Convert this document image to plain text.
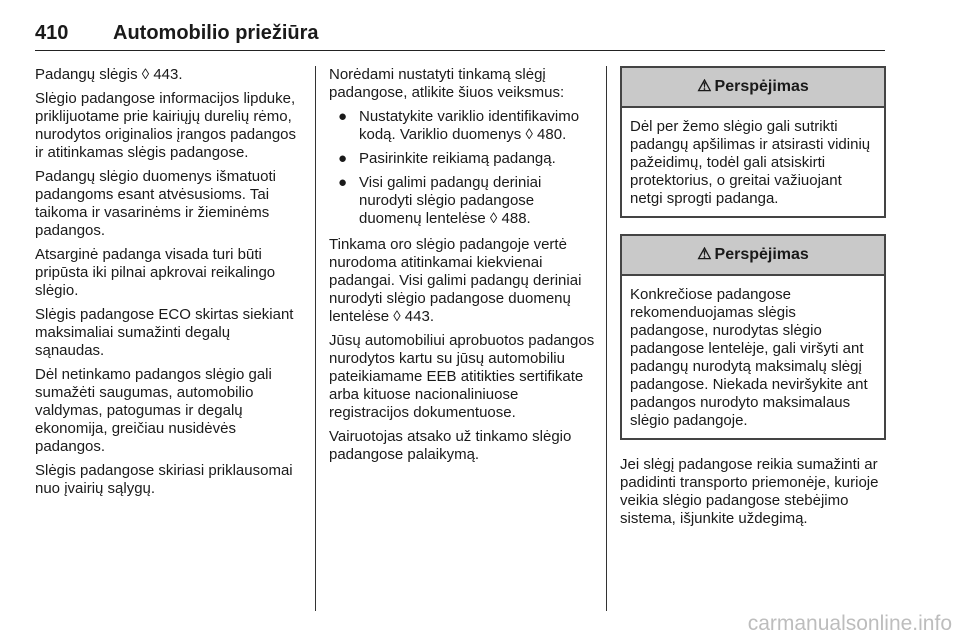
410 Automobilio priežiūra

Padangų slėgis ◊ 443.

Slėgio padangose informacijos lipduke, priklijuotame prie kairiųjų durelių rėmo, nurodytos originalios įrangos padangos ir atitinkamas slėgis padangose.

Padangų slėgio duomenys išmatuoti padangoms esant atvėsusioms. Tai taikoma ir vasarinėms ir žieminėms padangos.

Atsarginė padanga visada turi būti pripūsta iki pilnai apkrovai reikalingo slėgio.

Slėgis padangose ECO skirtas siekiant maksimaliai sumažinti degalų sąnaudas.

Dėl netinkamo padangos slėgio gali sumažėti saugumas, automobilio valdymas, patogumas ir degalų ekonomija, greičiau nusidėvės padangos.

Slėgis padangose skiriasi priklausomai nuo įvairių sąlygų.

Norėdami nustatyti tinkamą slėgį padangose, atlikite šiuos veiksmus:

● Nustatykite variklio identifikavimo kodą. Variklio duomenys ◊ 480.
● Pasirinkite reikiamą padangą.
● Visi galimi padangų deriniai nurodyti slėgio padangose duomenų lentelėse ◊ 488.

Tinkama oro slėgio padangoje vertė nurodoma atitinkamai kiekvienai padangai. Visi galimi padangų deriniai nurodyti slėgio padangose duomenų lentelėse ◊ 443.

Jūsų automobiliui aprobuotos padangos nurodytos kartu su jūsų automobiliu pateikiamame EEB atitikties sertifikate arba kituose nacionaliniuose registracijos dokumentuose.

Vairuotojas atsako už tinkamo slėgio padangose palaikymą.

⚠ Perspėjimas
Dėl per žemo slėgio gali sutrikti padangų apšilimas ir atsirasti vidinių pažeidimų, todėl gali atsiskirti protektorius, o greitai važiuojant netgi sprogti padanga.
⚠ Perspėjimas
Konkrečiose padangose rekomenduojamas slėgis padangose, nurodytas slėgio padangose lentelėje, gali viršyti ant padangų nurodytą maksimalų slėgį padangose. Niekada neviršykite ant padangos nurodyto maksimalaus slėgio padangoje.

Jei slėgį padangose reikia sumažinti ar padidinti transporto priemonėje, kurioje veikia slėgio padangose stebėjimo sistema, išjunkite uždegimą.

carmanualsonline.info
